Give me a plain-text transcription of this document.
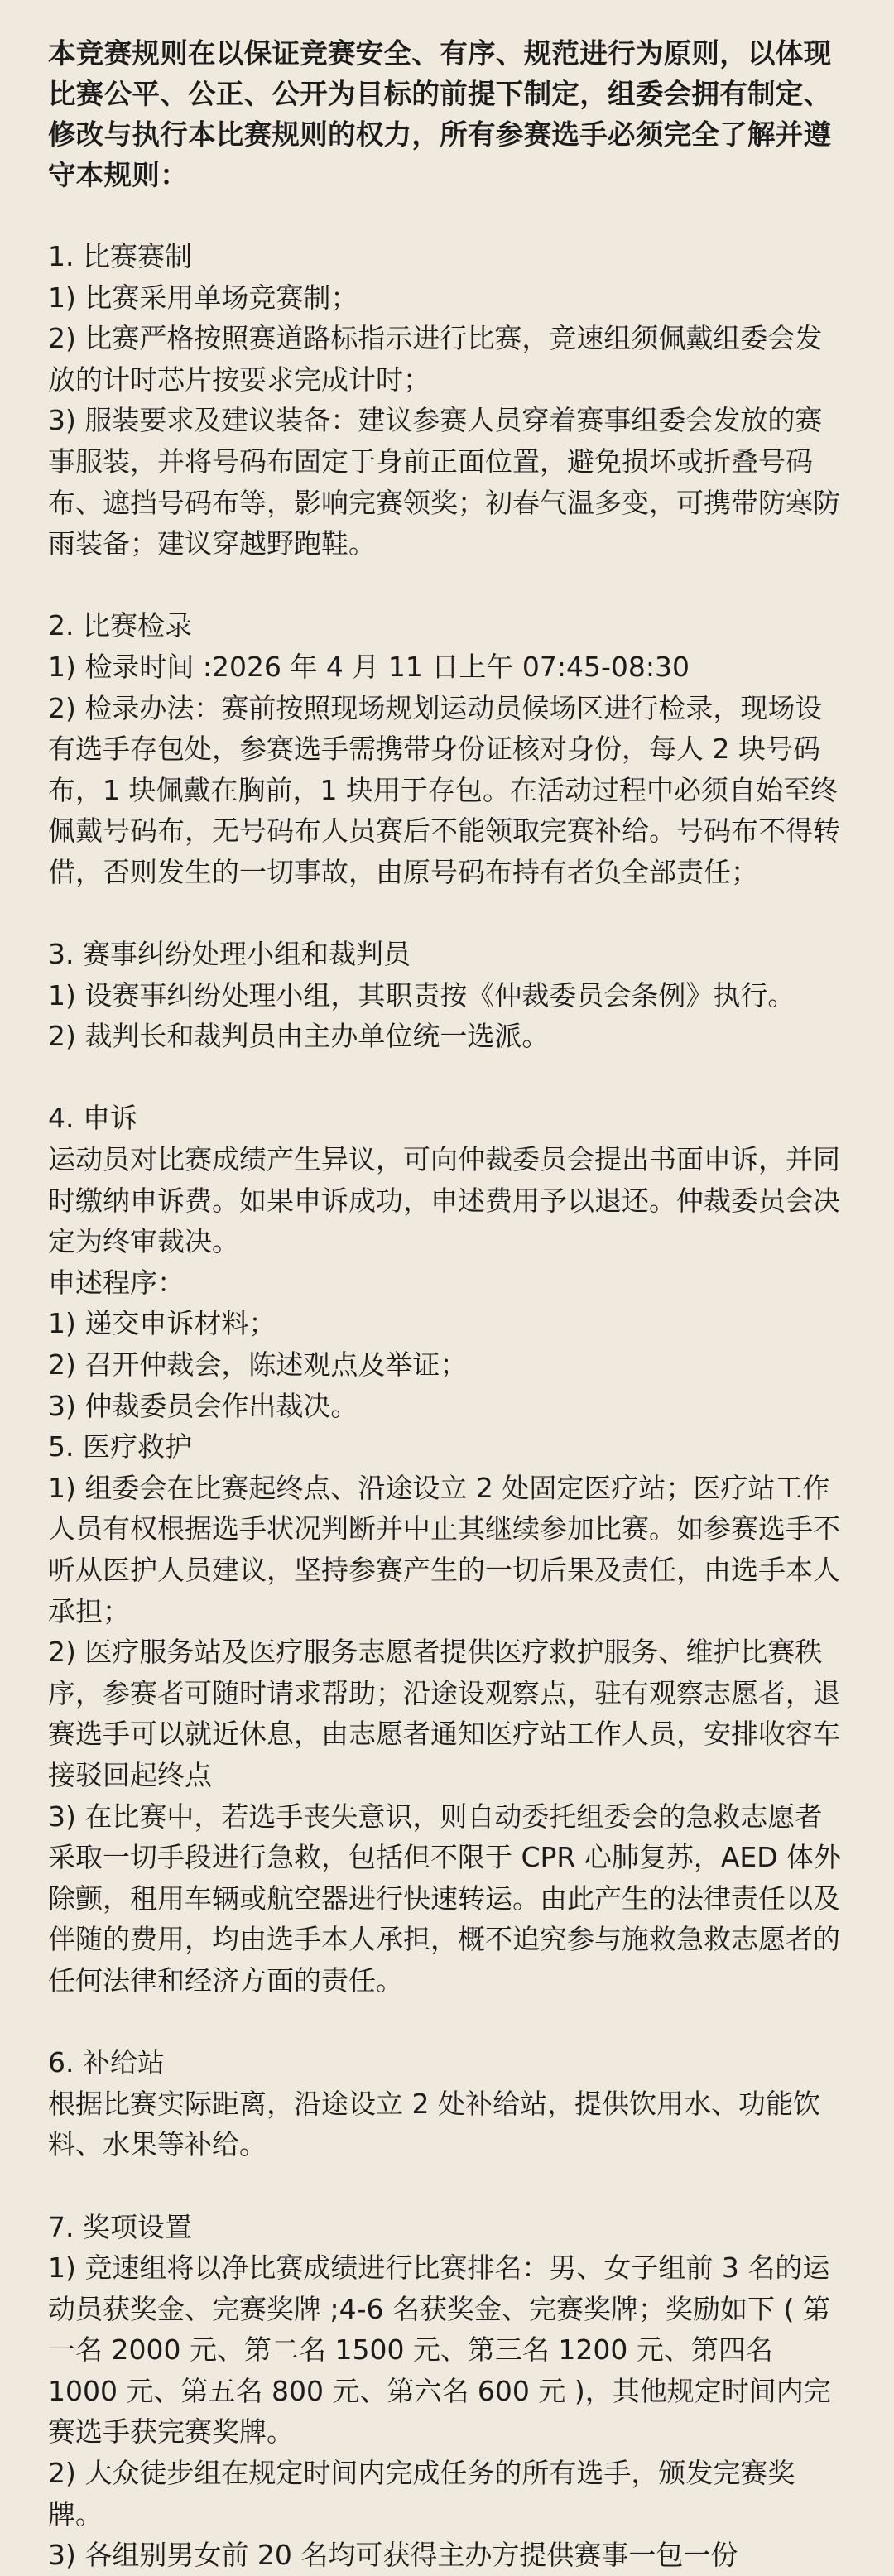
本竞赛规则在以保证竞赛安全、有序、规范进行为原则，以体现比赛公平、公正、公开为目标的前提下制定，组委会拥有制定、修改与执行本比赛规则的权力，所有参赛选手必须完全了解并遵守本规则：

1. 比赛赛制

1) 比赛采用单场竞赛制；

2) 比赛严格按照赛道路标指示进行比赛，竞速组须佩戴组委会发放的计时芯片按要求完成计时；

3) 服装要求及建议装备：建议参赛人员穿着赛事组委会发放的赛事服装，并将号码布固定于身前正面位置，避免损坏或折叠号码布、遮挡号码布等，影响完赛领奖；初春气温多变，可携带防寒防雨装备；建议穿越野跑鞋。

2. 比赛检录

1) 检录时间 :2026 年 4 月 11 日上午 07:45-08:30

2) 检录办法：赛前按照现场规划运动员候场区进行检录，现场设有选手存包处，参赛选手需携带身份证核对身份，每人 2 块号码布，1 块佩戴在胸前，1 块用于存包。在活动过程中必须自始至终佩戴号码布，无号码布人员赛后不能领取完赛补给。号码布不得转借，否则发生的一切事故，由原号码布持有者负全部责任；

3. 赛事纠纷处理小组和裁判员

1) 设赛事纠纷处理小组，其职责按《仲裁委员会条例》执行。

2) 裁判长和裁判员由主办单位统一选派。

4. 申诉

运动员对比赛成绩产生异议，可向仲裁委员会提出书面申诉，并同时缴纳申诉费。如果申诉成功，申述费用予以退还。仲裁委员会决定为终审裁决。

申述程序：

1) 递交申诉材料；

2) 召开仲裁会，陈述观点及举证；

3) 仲裁委员会作出裁决。

5. 医疗救护

1) 组委会在比赛起终点、沿途设立 2 处固定医疗站；医疗站工作人员有权根据选手状况判断并中止其继续参加比赛。如参赛选手不听从医护人员建议，坚持参赛产生的一切后果及责任，由选手本人承担；

2) 医疗服务站及医疗服务志愿者提供医疗救护服务、维护比赛秩序，参赛者可随时请求帮助；沿途设观察点，驻有观察志愿者，退赛选手可以就近休息，由志愿者通知医疗站工作人员，安排收容车接驳回起终点

3) 在比赛中，若选手丧失意识，则自动委托组委会的急救志愿者采取一切手段进行急救，包括但不限于 CPR 心肺复苏，AED 体外除颤，租用车辆或航空器进行快速转运。由此产生的法律责任以及伴随的费用，均由选手本人承担，概不追究参与施救急救志愿者的任何法律和经济方面的责任。

6. 补给站

根据比赛实际距离，沿途设立 2 处补给站，提供饮用水、功能饮料、水果等补给。

7. 奖项设置

1) 竞速组将以净比赛成绩进行比赛排名：男、女子组前 3 名的运动员获奖金、完赛奖牌 ;4-6 名获奖金、完赛奖牌；奖励如下 ( 第一名 2000 元、第二名 1500 元、第三名 1200 元、第四名 1000 元、第五名 800 元、第六名 600 元 )，其他规定时间内完赛选手获完赛奖牌。

2) 大众徒步组在规定时间内完成任务的所有选手，颁发完赛奖牌。

3) 各组别男女前 20 名均可获得主办方提供赛事一包一份
